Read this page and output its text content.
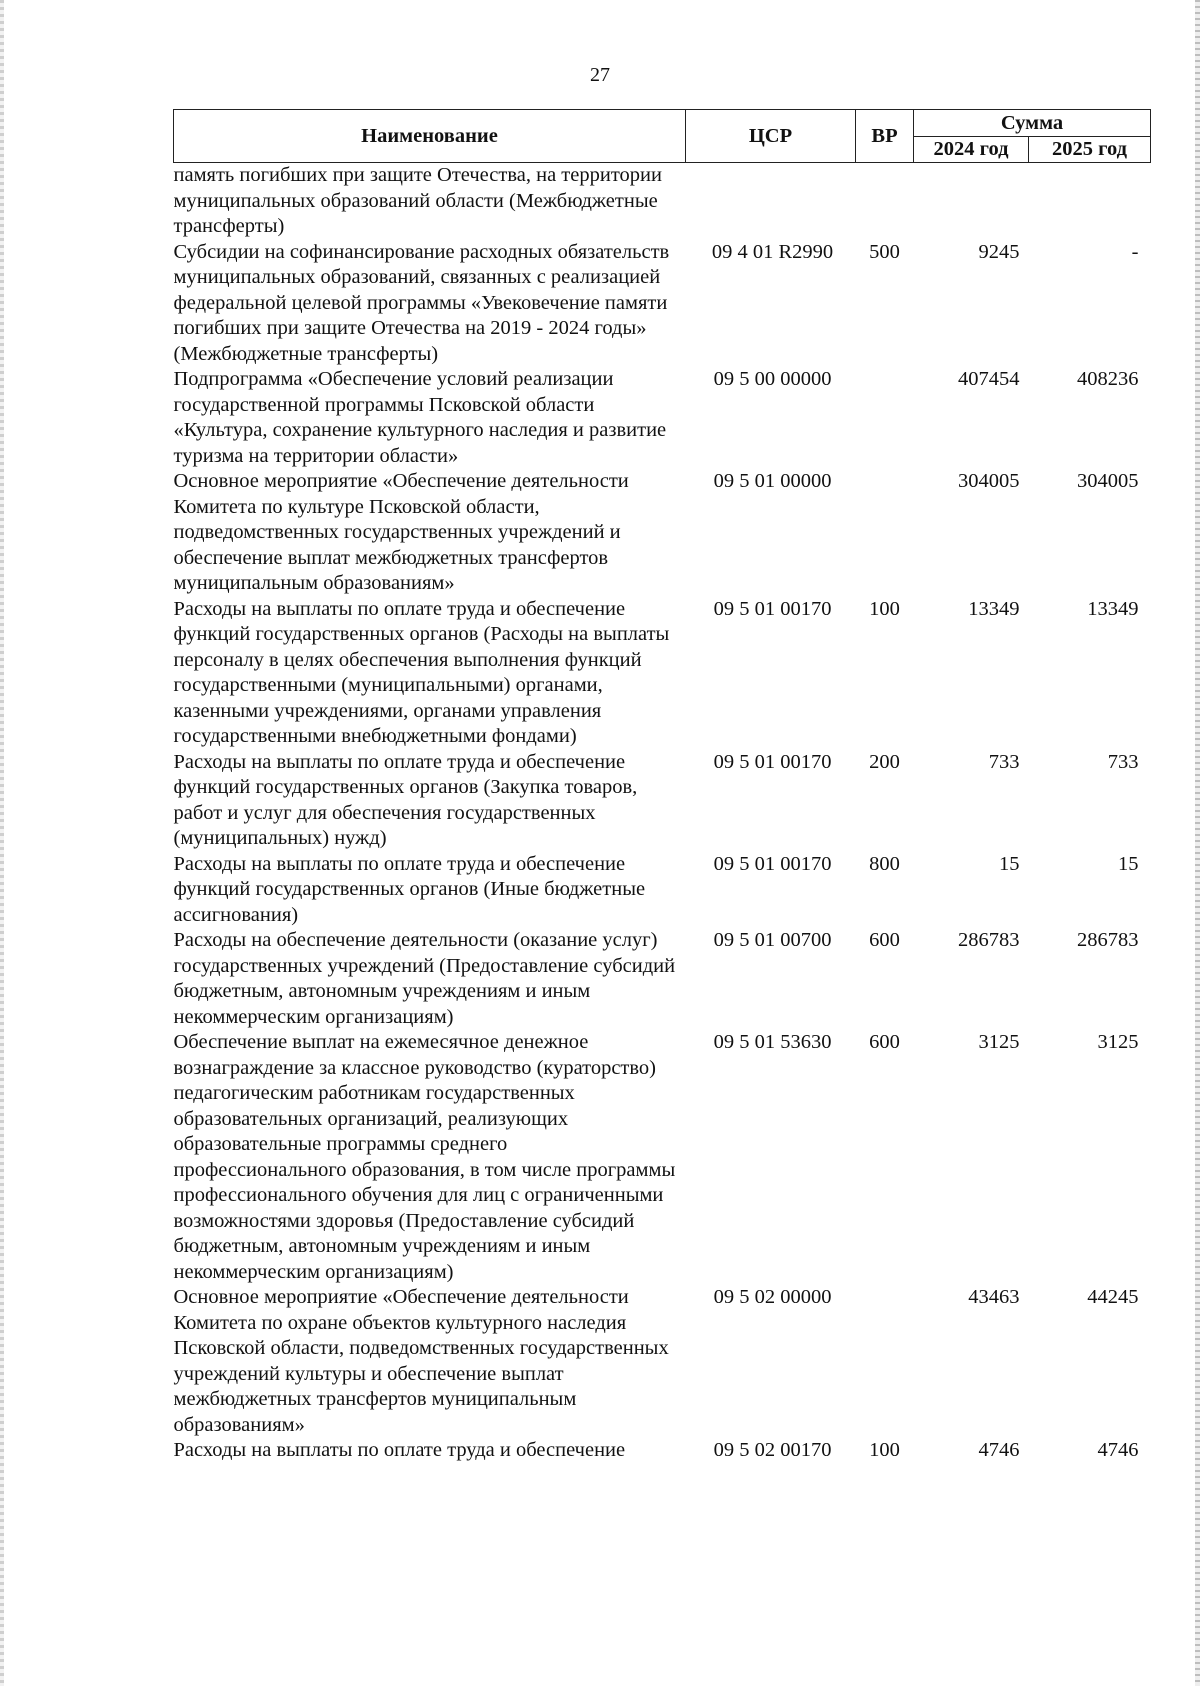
27
Наименование	ЦСР	ВР	Сумма	
			2024 год	2025 год
память погибших при защите Отечества, на территории муниципальных образований области (Межбюджетные трансферты)				
Субсидии на софинансирование расходных обязательств муниципальных образований, связанных с реализацией федеральной целевой программы «Увековечение памяти погибших при защите Отечества на 2019 - 2024 годы» (Межбюджетные трансферты)	09 4 01 R2990	500	9245	-
Подпрограмма «Обеспечение условий реализации государственной программы Псковской области «Культура, сохранение культурного наследия и развитие туризма на территории области»	09 5 00 00000		407454	408236
Основное мероприятие «Обеспечение деятельности Комитета по культуре Псковской области, подведомственных государственных учреждений и обеспечение выплат межбюджетных трансфертов муниципальным образованиям»	09 5 01 00000		304005	304005
Расходы на выплаты по оплате труда и обеспечение функций государственных органов (Расходы на выплаты персоналу в целях обеспечения выполнения функций государственными (муниципальными) органами, казенными учреждениями, органами управления государственными внебюджетными фондами)	09 5 01 00170	100	13349	13349
Расходы на выплаты по оплате труда и обеспечение функций государственных органов (Закупка товаров, работ и услуг для обеспечения государственных (муниципальных) нужд)	09 5 01 00170	200	733	733
Расходы на выплаты по оплате труда и обеспечение функций государственных органов (Иные бюджетные ассигнования)	09 5 01 00170	800	15	15
Расходы на обеспечение деятельности (оказание услуг) государственных учреждений (Предоставление субсидий бюджетным, автономным учреждениям и иным некоммерческим организациям)	09 5 01 00700	600	286783	286783
Обеспечение выплат на ежемесячное денежное вознаграждение за классное руководство (кураторство) педагогическим работникам государственных образовательных организаций, реализующих образовательные программы среднего профессионального образования, в том числе программы профессионального обучения для лиц с ограниченными возможностями здоровья (Предоставление субсидий бюджетным, автономным учреждениям и иным некоммерческим организациям)	09 5 01 53630	600	3125	3125
Основное мероприятие «Обеспечение деятельности Комитета по охране объектов культурного наследия Псковской области, подведомственных государственных учреждений культуры и обеспечение выплат межбюджетных трансфертов муниципальным образованиям»	09 5 02 00000		43463	44245
Расходы на выплаты по оплате труда и обеспечение	09 5 02 00170	100	4746	4746
